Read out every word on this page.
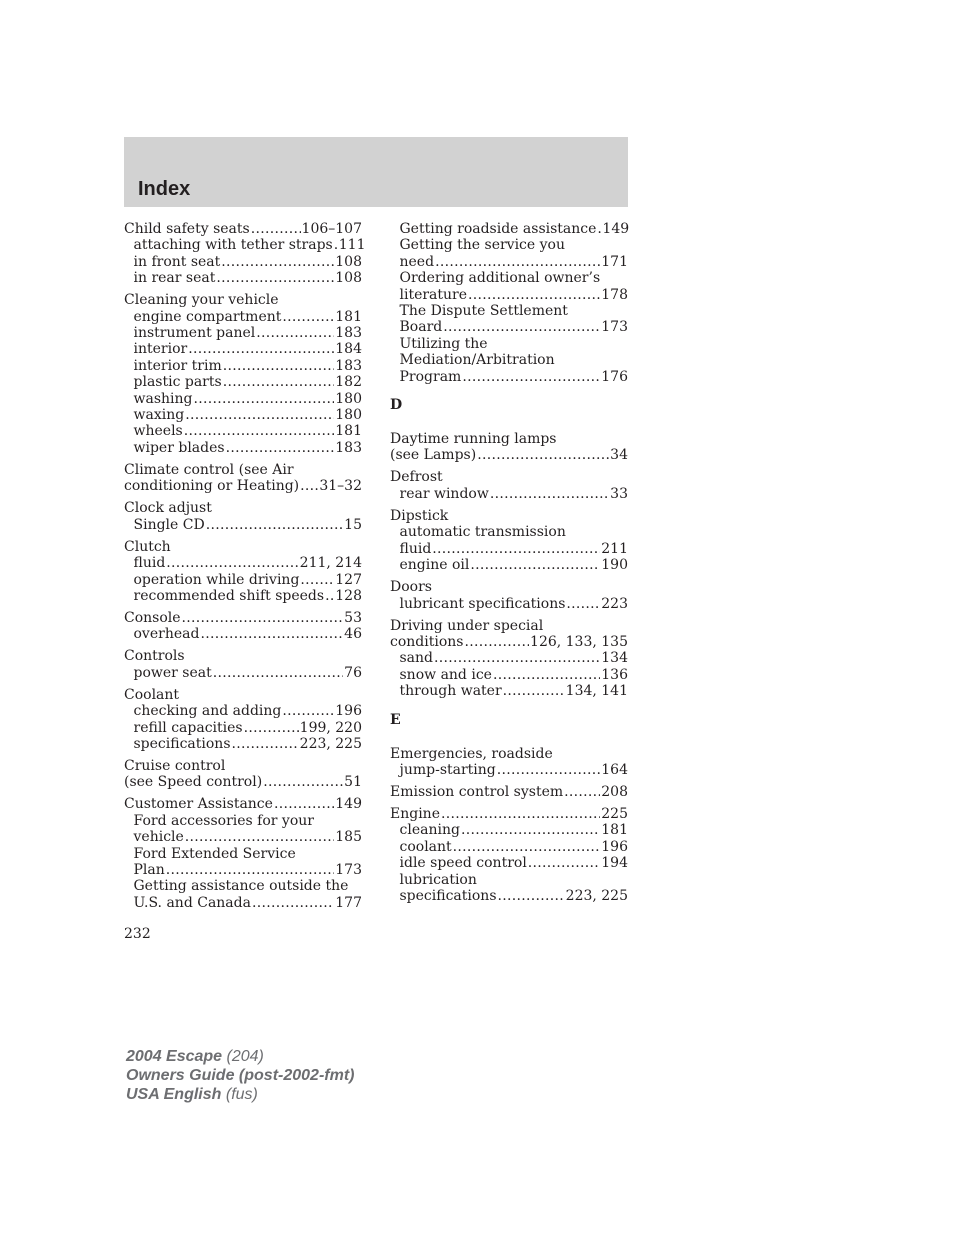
Index
Child safety seats .....	106–107
attaching with tether straps ..... 111
in front seat .....	108
in rear seat .....	108
Cleaning your vehicle
engine compartment .....	181
instrument panel .....	183
interior .....	184
interior trim .....	183
plastic parts .....	182
washing .....	180
waxing .....	180
wheels .....	181
wiper blades .....	183
Climate control (see Air
conditioning or Heating) ..... 31–32
Clock adjust
Single CD .....	15
Clutch
fluid .....	211, 214
operation while driving .....	127
recommended shift speeds ..... 128
Console .....	53
overhead .....	46
Controls
power seat .....	76
Coolant
checking and adding .....	196
refill capacities .....	199, 220
specifications .....	223, 225
Cruise control
(see Speed control) .....	51
Customer Assistance .....	149
Ford accessories for your
vehicle .....	185
Ford Extended Service
Plan .....	173
Getting assistance outside the
U.S. and Canada .....	177
Getting roadside assistance ..... 149
Getting the service you
need .....	171
Ordering additional owner’s
literature .....	178
The Dispute Settlement
Board .....	173
Utilizing the
Mediation/Arbitration
Program .....	176
D
Daytime running lamps
(see Lamps) .....	34
Defrost
rear window .....	33
Dipstick
automatic transmission
fluid .....	211
engine oil .....	190
Doors
lubricant specifications .....	223
Driving under special
conditions .....	126, 133, 135
sand .....	134
snow and ice .....	136
through water .....	134, 141
E
Emergencies, roadside
jump-starting .....	164
Emission control system .....	208
Engine .....	225
cleaning .....	181
coolant .....	196
idle speed control .....	194
lubrication
specifications .....	223, 225
232
2004 Escape (204)
Owners Guide (post-2002-fmt)
USA English (fus)
